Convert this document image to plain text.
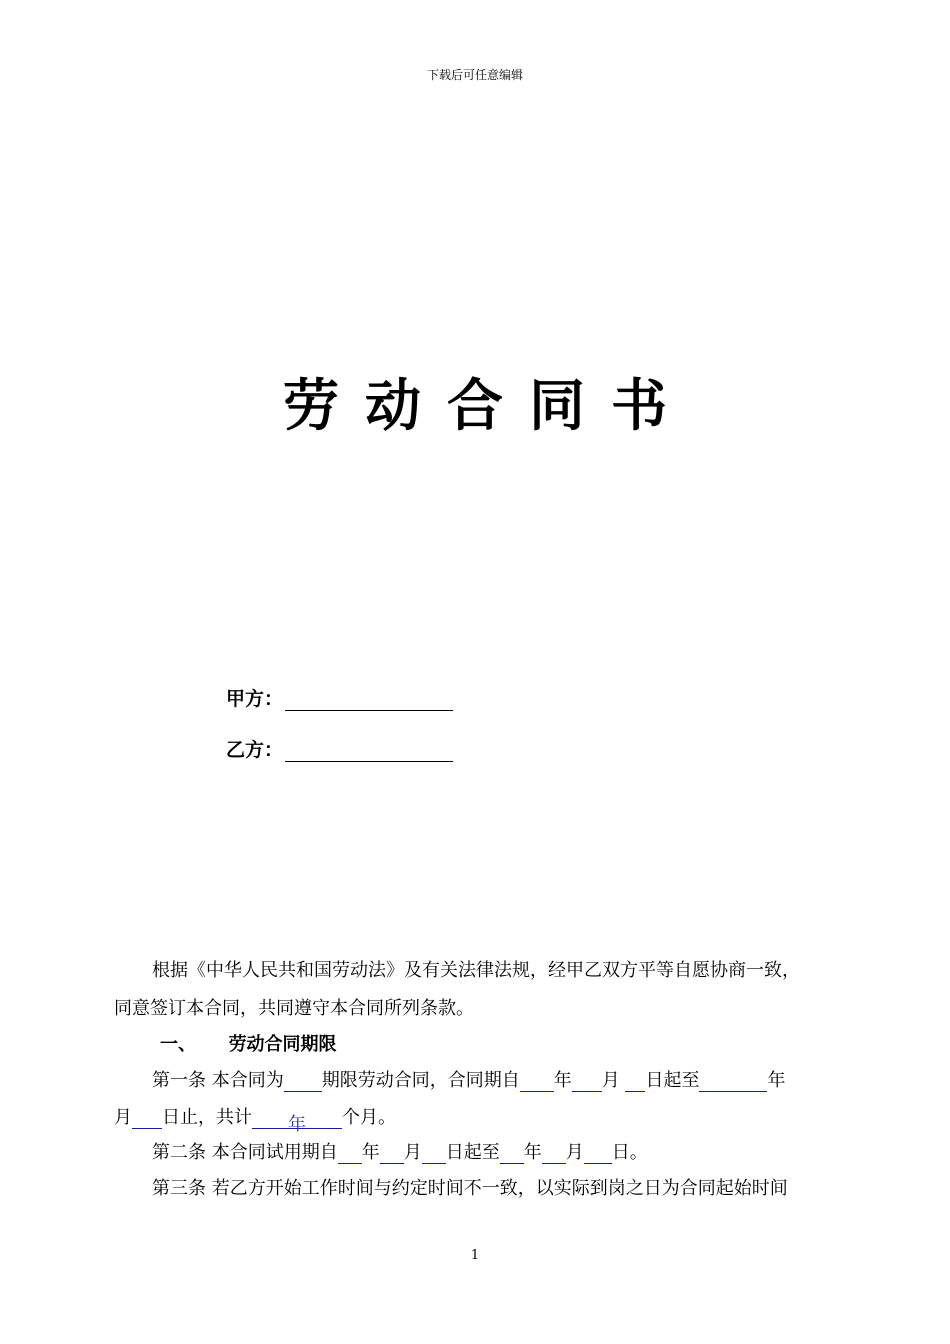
下载后可任意编辑
劳动合同书
甲方：
乙方：
根据《中华人民共和国劳动法》及有关法律法规，经甲乙双方平等自愿协商一致，
同意签订本合同，共同遵守本合同所列条款。
一、 劳动合同期限
第一条 本合同为 期限劳动合同，合同期自 年 月 日起至	年
月 日止，共计 年 个月。
第二条 本合同试用期自 年 月 日起至 年 月 日。
第三条 若乙方开始工作时间与约定时间不一致，以实际到岗之日为合同起始时间
1
